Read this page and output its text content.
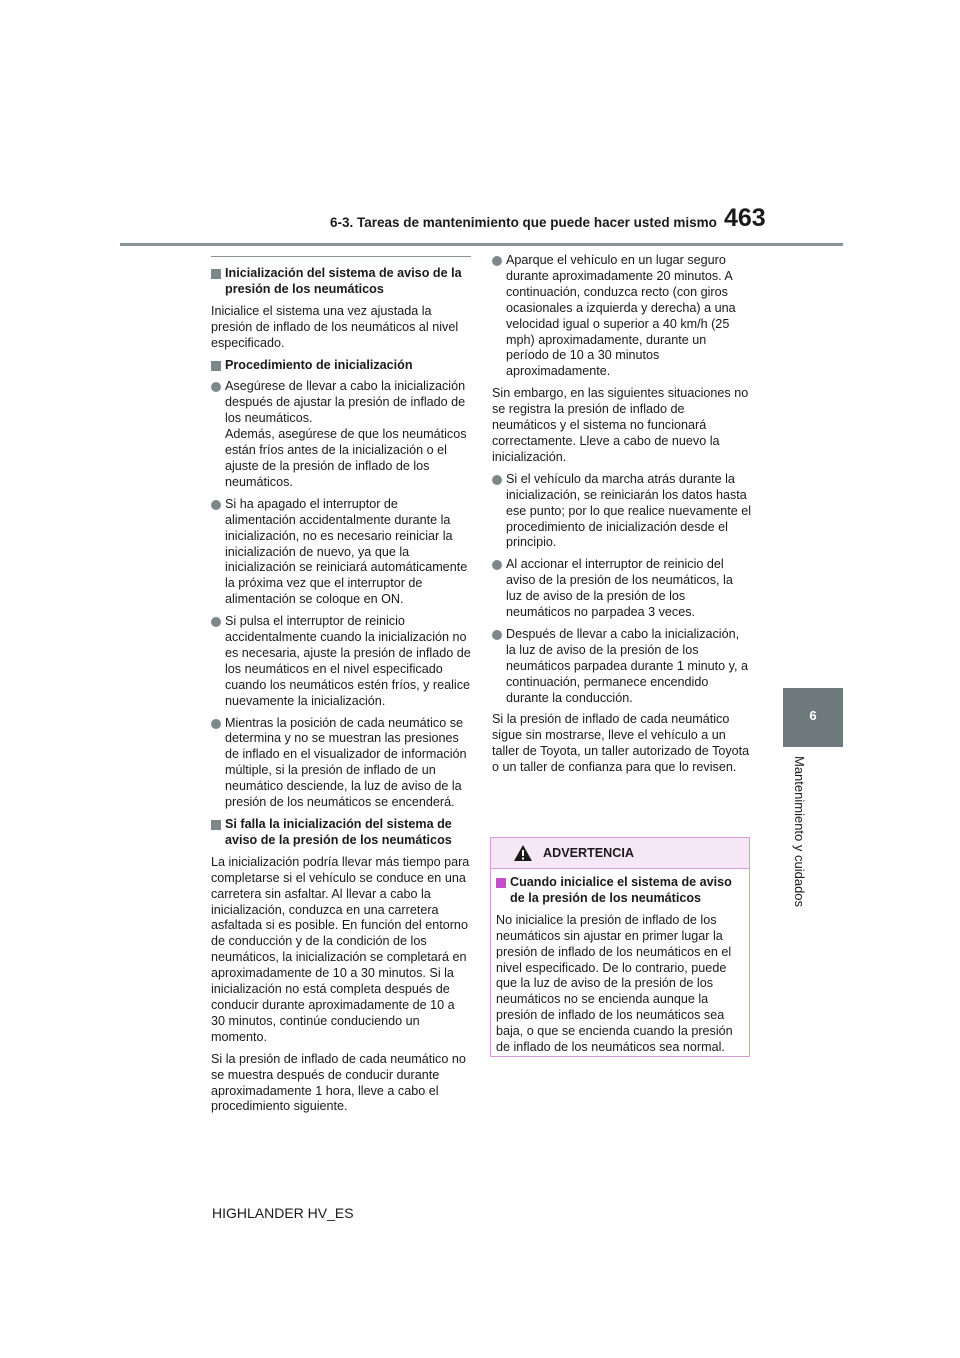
6-3. Tareas de mantenimiento que puede hacer usted mismo 463
6
Mantenimiento y cuidados
Inicialización del sistema de aviso de la presión de los neumáticos

Inicialice el sistema una vez ajustada la presión de inflado de los neumáticos al nivel especificado.

Procedimiento de inicialización
Asegúrese de llevar a cabo la inicialización después de ajustar la presión de inflado de los neumáticos.
Además, asegúrese de que los neumáticos están fríos antes de la inicialización o el ajuste de la presión de inflado de los neumáticos.
Si ha apagado el interruptor de alimentación accidentalmente durante la inicialización, no es necesario reiniciar la inicialización de nuevo, ya que la inicialización se reiniciará automáticamente la próxima vez que el interruptor de alimentación se coloque en ON.
Si pulsa el interruptor de reinicio accidentalmente cuando la inicialización no es necesaria, ajuste la presión de inflado de los neumáticos en el nivel especificado cuando los neumáticos estén fríos, y realice nuevamente la inicialización.
Mientras la posición de cada neumático se determina y no se muestran las presiones de inflado en el visualizador de información múltiple, si la presión de inflado de un neumático desciende, la luz de aviso de la presión de los neumáticos se encenderá.
Si falla la inicialización del sistema de aviso de la presión de los neumáticos

La inicialización podría llevar más tiempo para completarse si el vehículo se conduce en una carretera sin asfaltar. Al llevar a cabo la inicialización, conduzca en una carretera asfaltada si es posible. En función del entorno de conducción y de la condición de los neumáticos, la inicialización se completará en aproximadamente de 10 a 30 minutos. Si la inicialización no está completa después de conducir durante aproximadamente de 10 a 30 minutos, continúe conduciendo un momento.

Si la presión de inflado de cada neumático no se muestra después de conducir durante aproximadamente 1 hora, lleve a cabo el procedimiento siguiente.

Aparque el vehículo en un lugar seguro durante aproximadamente 20 minutos. A continuación, conduzca recto (con giros ocasionales a izquierda y derecha) a una velocidad igual o superior a 40 km/h (25 mph) aproximadamente, durante un período de 10 a 30 minutos aproximadamente.

Sin embargo, en las siguientes situaciones no se registra la presión de inflado de neumáticos y el sistema no funcionará correctamente. Lleve a cabo de nuevo la inicialización.

Si el vehículo da marcha atrás durante la inicialización, se reiniciarán los datos hasta ese punto; por lo que realice nuevamente el procedimiento de inicialización desde el principio.
Al accionar el interruptor de reinicio del aviso de la presión de los neumáticos, la luz de aviso de la presión de los neumáticos no parpadea 3 veces.
Después de llevar a cabo la inicialización, la luz de aviso de la presión de los neumáticos parpadea durante 1 minuto y, a continuación, permanece encendido durante la conducción.

Si la presión de inflado de cada neumático sigue sin mostrarse, lleve el vehículo a un taller de Toyota, un taller autorizado de Toyota o un taller de confianza para que lo revisen.

ADVERTENCIA
Cuando inicialice el sistema de aviso de la presión de los neumáticos

No inicialice la presión de inflado de los neumáticos sin ajustar en primer lugar la presión de inflado de los neumáticos en el nivel especificado. De lo contrario, puede que la luz de aviso de la presión de los neumáticos no se encienda aunque la presión de inflado de los neumáticos sea baja, o que se encienda cuando la presión de inflado de los neumáticos sea normal.

HIGHLANDER HV_ES
